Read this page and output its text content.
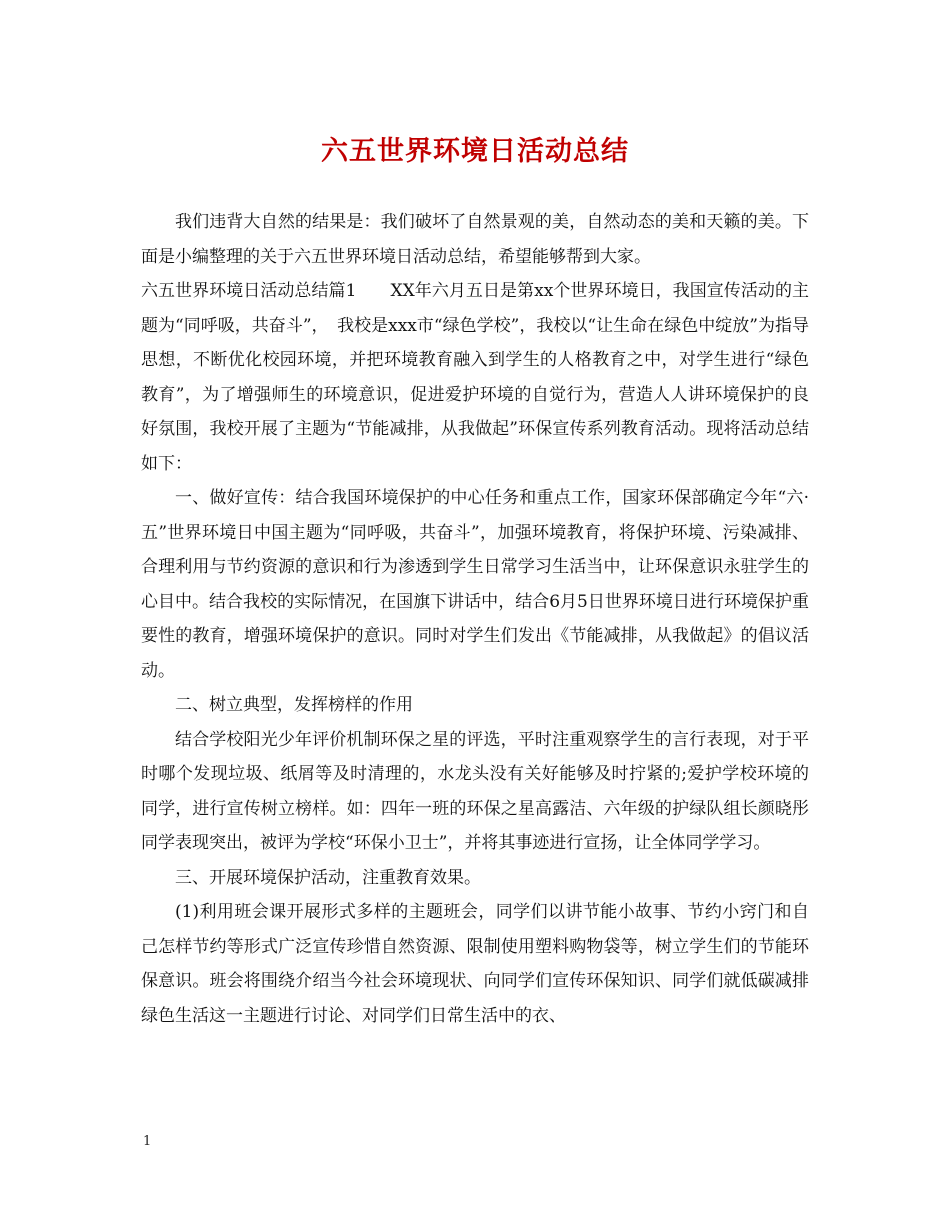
六五世界环境日活动总结

我们违背大自然的结果是：我们破坏了自然景观的美，自然动态的美和天籁的美。下面是小编整理的关于六五世界环境日活动总结，希望能够帮到大家。

六五世界环境日活动总结篇1　　XX年六月五日是第xx个世界环境日，我国宣传活动的主题为“同呼吸，共奋斗”，　我校是xxx市“绿色学校”，我校以“让生命在绿色中绽放”为指导思想，不断优化校园环境，并把环境教育融入到学生的人格教育之中，对学生进行“绿色教育”，为了增强师生的环境意识，促进爱护环境的自觉行为，营造人人讲环境保护的良好氛围，我校开展了主题为“节能减排，从我做起”环保宣传系列教育活动。现将活动总结如下：

一、做好宣传：结合我国环境保护的中心任务和重点工作，国家环保部确定今年“六·五”世界环境日中国主题为“同呼吸，共奋斗”，加强环境教育，将保护环境、污染减排、合理利用与节约资源的意识和行为渗透到学生日常学习生活当中，让环保意识永驻学生的心目中。结合我校的实际情况，在国旗下讲话中，结合6月5日世界环境日进行环境保护重要性的教育，增强环境保护的意识。同时对学生们发出《节能减排，从我做起》的倡议活动。

二、树立典型，发挥榜样的作用

结合学校阳光少年评价机制环保之星的评选，平时注重观察学生的言行表现，对于平时哪个发现垃圾、纸屑等及时清理的，水龙头没有关好能够及时拧紧的;爱护学校环境的同学，进行宣传树立榜样。如：四年一班的环保之星高露洁、六年级的护绿队组长颜晓彤同学表现突出，被评为学校“环保小卫士”，并将其事迹进行宣扬，让全体同学学习。

三、开展环境保护活动，注重教育效果。

(1)利用班会课开展形式多样的主题班会，同学们以讲节能小故事、节约小窍门和自己怎样节约等形式广泛宣传珍惜自然资源、限制使用塑料购物袋等，树立学生们的节能环保意识。班会将围绕介绍当今社会环境现状、向同学们宣传环保知识、同学们就低碳减排绿色生活这一主题进行讨论、对同学们日常生活中的衣、

1
